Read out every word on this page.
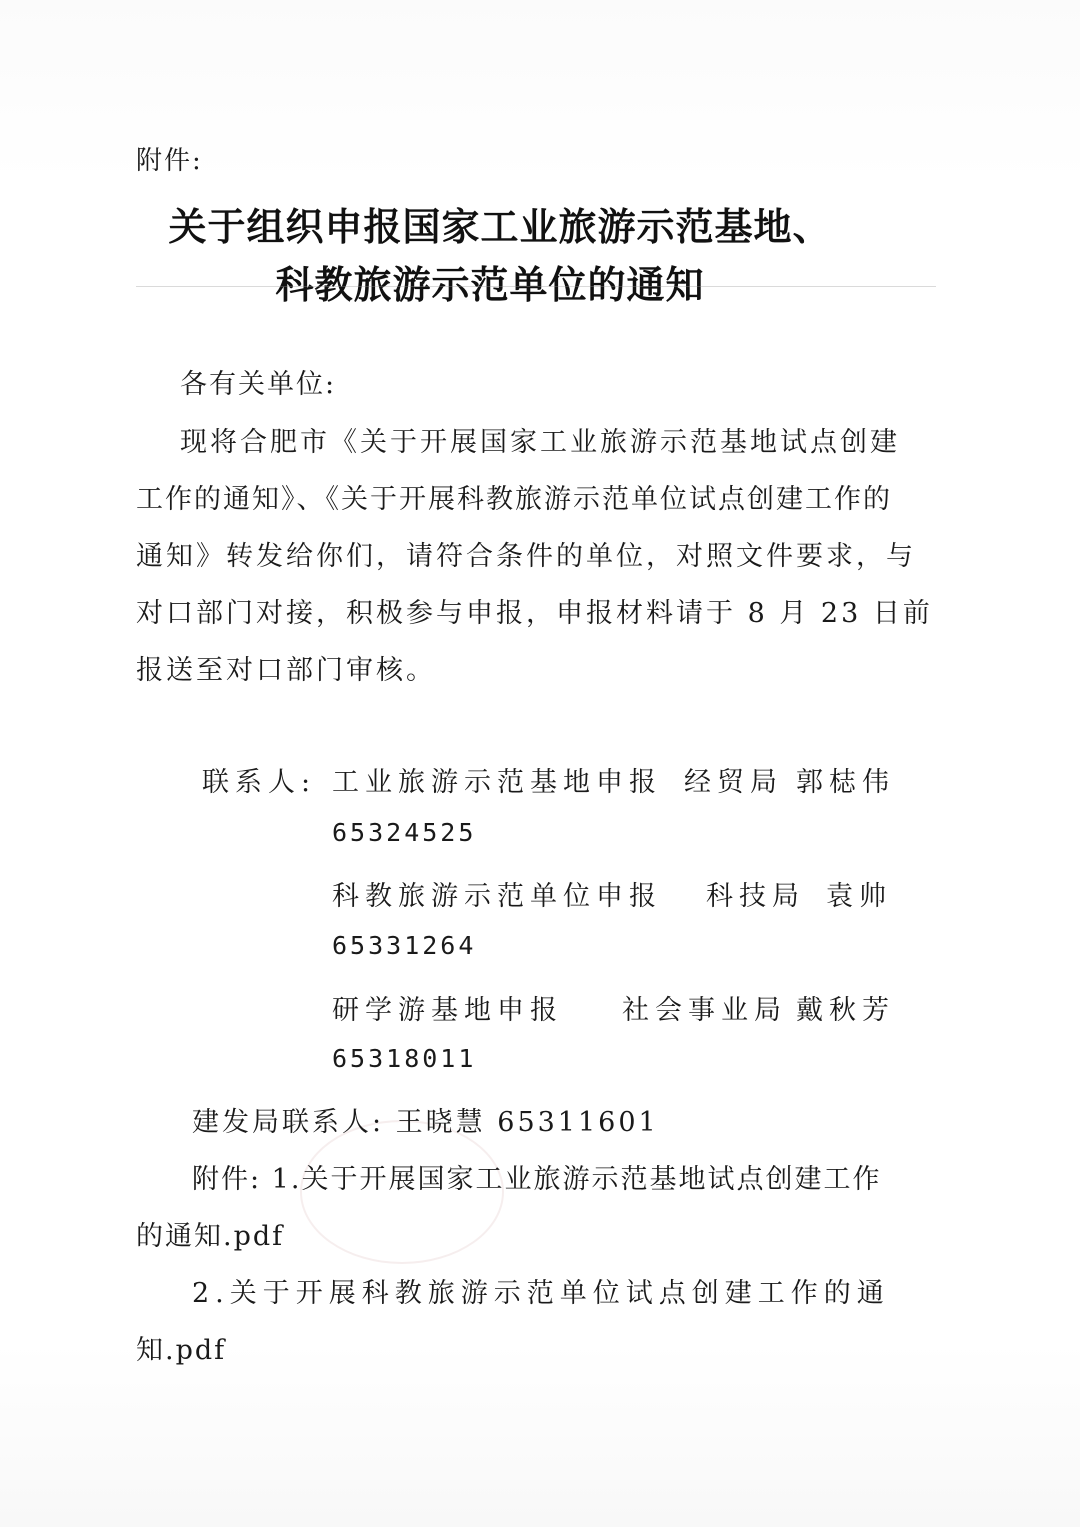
附件:
关于组织申报国家工业旅游示范基地、
科教旅游示范单位的通知
各有关单位:
现将合肥市《关于开展国家工业旅游示范基地试点创建
工作的通知》、《关于开展科教旅游示范单位试点创建工作的
通知》转发给你们，请符合条件的单位，对照文件要求，与
对口部门对接，积极参与申报，申报材料请于 8 月 23 日前
报送至对口部门审核。
联系人: 工业旅游示范基地申报 经贸局 郭梽伟
65324525
科教旅游示范单位申报 科技局 袁帅
65331264
研学游基地申报 社会事业局 戴秋芳
65318011
建发局联系人: 王晓慧 65311601
附件: 1.关于开展国家工业旅游示范基地试点创建工作
的通知.pdf
2.关于开展科教旅游示范单位试点创建工作的通
知.pdf
